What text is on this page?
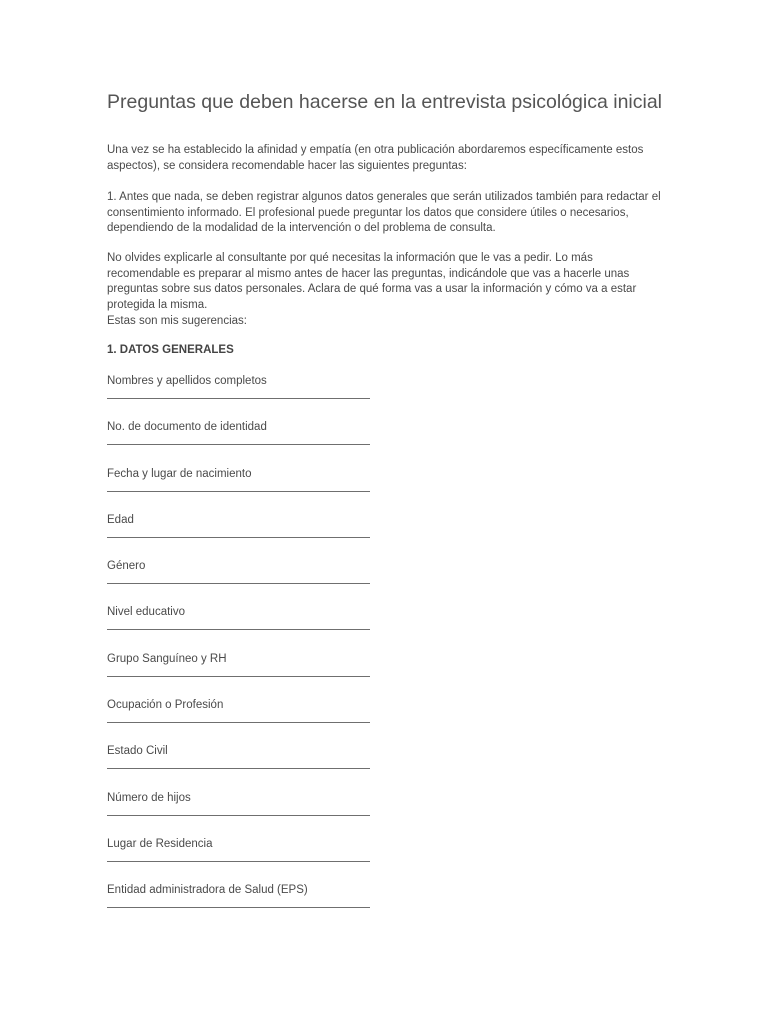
Preguntas que deben hacerse en la entrevista psicológica inicial

Una vez se ha establecido la afinidad y empatía (en otra publicación abordaremos específicamente estos aspectos), se considera recomendable hacer las siguientes preguntas:

1. Antes que nada, se deben registrar algunos datos generales que serán utilizados también para redactar el consentimiento informado. El profesional puede preguntar los datos que considere útiles o necesarios, dependiendo de la modalidad de la intervención o del problema de consulta.

No olvides explicarle al consultante por qué necesitas la información que le vas a pedir. Lo más recomendable es preparar al mismo antes de hacer las preguntas, indicándole que vas a hacerle unas preguntas sobre sus datos personales. Aclara de qué forma vas a usar la información y cómo va a estar protegida la misma.

Estas son mis sugerencias:

1. DATOS GENERALES
Nombres y apellidos completos
No. de documento de identidad
Fecha y lugar de nacimiento
Edad
Género
Nivel educativo
Grupo Sanguíneo y RH
Ocupación o Profesión
Estado Civil
Número de hijos
Lugar de Residencia
Entidad administradora de Salud (EPS)
